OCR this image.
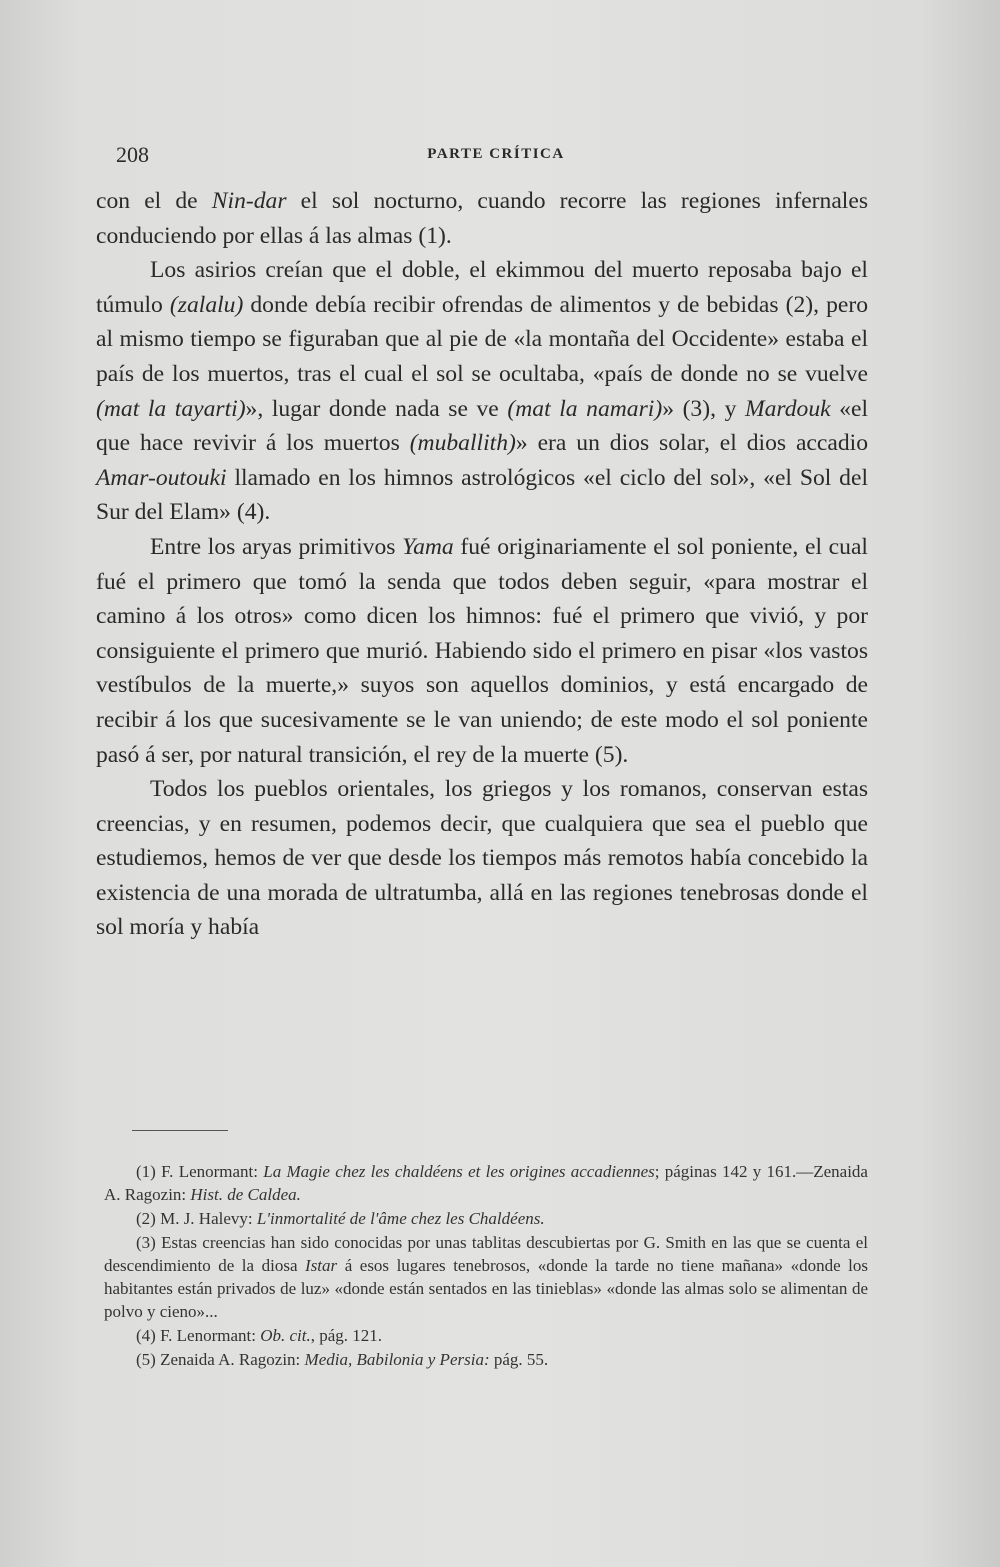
208	PARTE CRÍTICA

con el de Nin-dar el sol nocturno, cuando recorre las regiones infernales conduciendo por ellas á las almas (1).

Los asirios creían que el doble, el ekimmou del muerto reposaba bajo el túmulo (zalalu) donde debía recibir ofrendas de alimentos y de bebidas (2), pero al mismo tiempo se figuraban que al pie de «la montaña del Occidente» estaba el país de los muertos, tras el cual el sol se ocultaba, «país de donde no se vuelve (mat la tayarti)», lugar donde nada se ve (mat la namari)» (3), y Mardouk «el que hace revivir á los muertos (muballith)» era un dios solar, el dios accadio Amar-outouki llamado en los himnos astrológicos «el ciclo del sol», «el Sol del Sur del Elam» (4).

Entre los aryas primitivos Yama fué originariamente el sol poniente, el cual fué el primero que tomó la senda que todos deben seguir, «para mostrar el camino á los otros» como dicen los himnos: fué el primero que vivió, y por consiguiente el primero que murió. Habiendo sido el primero en pisar «los vastos vestíbulos de la muerte,» suyos son aquellos dominios, y está encargado de recibir á los que sucesivamente se le van uniendo; de este modo el sol poniente pasó á ser, por natural transición, el rey de la muerte (5).

Todos los pueblos orientales, los griegos y los romanos, conservan estas creencias, y en resumen, podemos decir, que cualquiera que sea el pueblo que estudiemos, hemos de ver que desde los tiempos más remotos había concebido la existencia de una morada de ultratumba, allá en las regiones tenebrosas donde el sol moría y había

(1) F. Lenormant: La Magie chez les chaldéens et les origines accadiennes; páginas 142 y 161.—Zenaida A. Ragozin: Hist. de Caldea.

(2) M. J. Halevy: L'inmortalité de l'âme chez les Chaldéens.

(3) Estas creencias han sido conocidas por unas tablitas descubiertas por G. Smith en las que se cuenta el descendimiento de la diosa Istar á esos lugares tenebrosos, «donde la tarde no tiene mañana» «donde los habitantes están privados de luz» «donde están sentados en las tinieblas» «donde las almas solo se alimentan de polvo y cieno»...

(4) F. Lenormant: Ob. cit., pág. 121.

(5) Zenaida A. Ragozin: Media, Babilonia y Persia: pág. 55.
